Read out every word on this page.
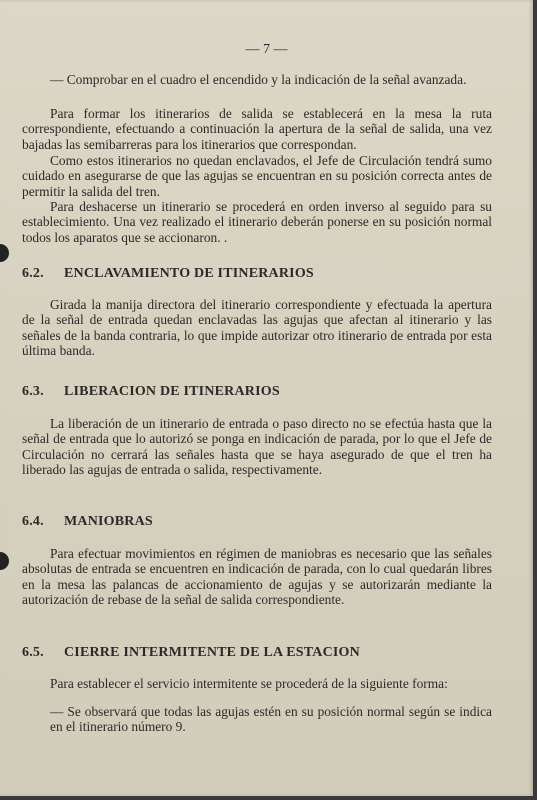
— 7 —

— Comprobar en el cuadro el encendido y la indicación de la señal avanzada.

Para formar los itinerarios de salida se establecerá en la mesa la ruta correspondiente, efectuando a continuación la apertura de la señal de salida, una vez bajadas las semibarreras para los itinerarios que correspondan.

Como estos itinerarios no quedan enclavados, el Jefe de Circulación tendrá sumo cuidado en asegurarse de que las agujas se encuentran en su posición correcta antes de permitir la salida del tren.

Para deshacerse un itinerario se procederá en orden inverso al seguido para su establecimiento. Una vez realizado el itinerario deberán ponerse en su posición normal todos los aparatos que se accionaron. .

6.2. ENCLAVAMIENTO DE ITINERARIOS

Girada la manija directora del itinerario correspondiente y efectuada la apertura de la señal de entrada quedan enclavadas las agujas que afectan al itinerario y las señales de la banda contraria, lo que impide autorizar otro itinerario de entrada por esta última banda.

6.3. LIBERACION DE ITINERARIOS

La liberación de un itinerario de entrada o paso directo no se efectúa hasta que la señal de entrada que lo autorizó se ponga en indicación de parada, por lo que el Jefe de Circulación no cerrará las señales hasta que se haya asegurado de que el tren ha liberado las agujas de entrada o salida, respectivamente.

6.4. MANIOBRAS

Para efectuar movimientos en régimen de maniobras es necesario que las señales absolutas de entrada se encuentren en indicación de parada, con lo cual quedarán libres en la mesa las palancas de accionamiento de agujas y se autorizarán mediante la autorización de rebase de la señal de salida correspondiente.

6.5. CIERRE INTERMITENTE DE LA ESTACION

Para establecer el servicio intermitente se procederá de la siguiente forma:

— Se observará que todas las agujas estén en su posición normal según se indica en el itinerario número 9.
